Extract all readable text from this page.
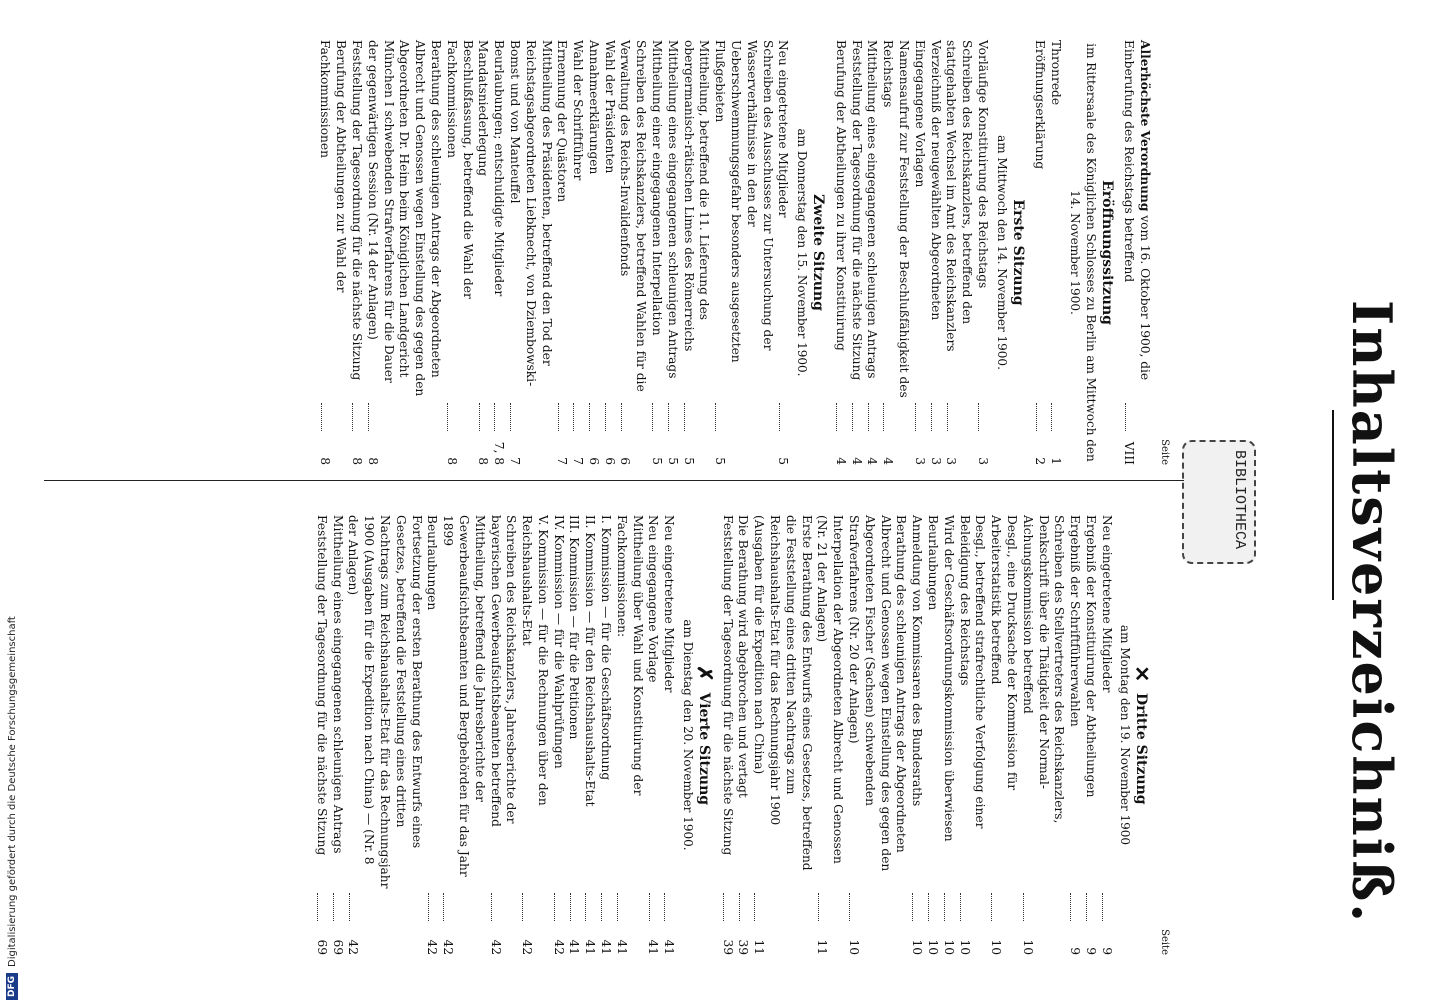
Inhaltsverzeichniß.
BIBLIOTHECA
Seite
Allerhöchste Verordnung vom 16. Oktober 1900, die Einberufung des Reichstags betreffend
VIII
Eröffnungssitzung
im Rittersaale des Königlichen Schlosses zu Berlin am Mittwoch den 14. November 1900.
Thronrede
1
Eröffnungserklärung
2
Erste Sitzung
am Mittwoch den 14. November 1900.
Vorläufige Konstituirung des Reichstags
3
Schreiben des Reichskanzlers, betreffend den stattgehabten Wechsel im Amt des Reichskanzlers
3
Verzeichniß der neugewählten Abgeordneten
3
Eingegangene Vorlagen
3
Namensaufruf zur Feststellung der Beschlußfähigkeit des Reichstags
4
Mittheilung eines eingegangenen schleunigen Antrags
4
Feststellung der Tagesordnung für die nächste Sitzung
4
Berufung der Abtheilungen zu ihrer Konstituirung
4
Zweite Sitzung
am Donnerstag den 15. November 1900.
Neu eingetretene Mitglieder
5
Schreiben des Ausschusses zur Untersuchung der Wasserverhältnisse in den der Ueberschwemmungsgefahr besonders ausgesetzten Flußgebieten
5
Mittheilung, betreffend die 11. Lieferung des obergermanisch-rätischen Limes des Römerreichs
5
Mittheilung eines eingegangenen schleunigen Antrags
5
Mittheilung einer eingegangenen Interpellation
5
Schreiben des Reichskanzlers, betreffend Wahlen für die Verwaltung des Reichs-Invalidenfonds
6
Wahl der Präsidenten
6
Annahmeerklärungen
6
Wahl der Schriftführer
7
Ernennung der Quästoren
7
Mittheilung des Präsidenten, betreffend den Tod der Reichstagsabgeordneten Liebknecht, von Dziembowski-Bomst und von Manteuffel
7
Beurlaubungen; entschuldigte Mitglieder
7, 8
Mandatsniederlegung
8
Beschlußfassung, betreffend die Wahl der Fachkommissionen
8
Berathung des schleunigen Antrags der Abgeordneten Albrecht und Genossen wegen Einstellung des gegen den Abgeordneten Dr. Heim beim Königlichen Landgericht München I schwebenden Strafverfahrens für die Dauer der gegenwärtigen Session (Nr. 14 der Anlagen)
8
Feststellung der Tagesordnung für die nächste Sitzung
8
Berufung der Abtheilungen zur Wahl der Fachkommissionen
8
Seite
✕ Dritte Sitzung
am Montag den 19. November 1900
Neu eingetretene Mitglieder
9
Ergebniß der Konstituirung der Abtheilungen
9
Ergebniß der Schriftführerwahlen
9
Schreiben des Stellvertreters des Reichskanzlers, Denkschrift über die Thätigkeit der Normal-Aichungskommission betreffend
10
Desgl., eine Drucksache der Kommission für Arbeiterstatistik betreffend
10
Desgl., betreffend strafrechtliche Verfolgung einer Beleidigung des Reichstags
10
Wird der Geschäftsordnungskommission überwiesen
10
Beurlaubungen
10
Anmeldung von Kommissaren des Bundesraths
10
Berathung des schleunigen Antrags der Abgeordneten Albrecht und Genossen wegen Einstellung des gegen den Abgeordneten Fischer (Sachsen) schwebenden Strafverfahrens (Nr. 20 der Anlagen)
10
Interpellation der Abgeordneten Albrecht und Genossen (Nr. 21 der Anlagen)
11
Erste Berathung des Entwurfs eines Gesetzes, betreffend die Feststellung eines dritten Nachtrags zum Reichshaushalts-Etat für das Rechnungsjahr 1900 (Ausgaben für die Expedition nach China)
11
Die Berathung wird abgebrochen und vertagt
39
Feststellung der Tagesordnung für die nächste Sitzung
39
✗ Vierte Sitzung
am Dienstag den 20. November 1900.
Neu eingetretene Mitglieder
41
Neu eingegangene Vorlage
41
Mittheilung über Wahl und Konstituirung der Fachkommissionen:
41
I. Kommission — für die Geschäftsordnung
41
II. Kommission — für den Reichshaushalts-Etat
41
III. Kommission — für die Petitionen
41
IV. Kommission — für die Wahlprüfungen
42
V. Kommission — für die Rechnungen über den Reichshaushalts-Etat
42
Schreiben des Reichskanzlers, Jahresberichte der bayerischen Gewerbeaufsichtsbeamten betreffend
42
Mittheilung, betreffend die Jahresberichte der Gewerbeaufsichtsbeamten und Bergbehörden für das Jahr 1899
42
Beurlaubungen
42
Fortsetzung der ersten Berathung des Entwurfs eines Gesetzes, betreffend die Feststellung eines dritten Nachtrags zum Reichshaushalts-Etat für das Rechnungsjahr 1900 (Ausgaben für die Expedition nach China) — (Nr. 8 der Anlagen)
42
Mittheilung eines eingegangenen schleunigen Antrags
69
Feststellung der Tagesordnung für die nächste Sitzung
69
DFG
Digitalisierung gefördert durch die Deutsche Forschungsgemeinschaft
